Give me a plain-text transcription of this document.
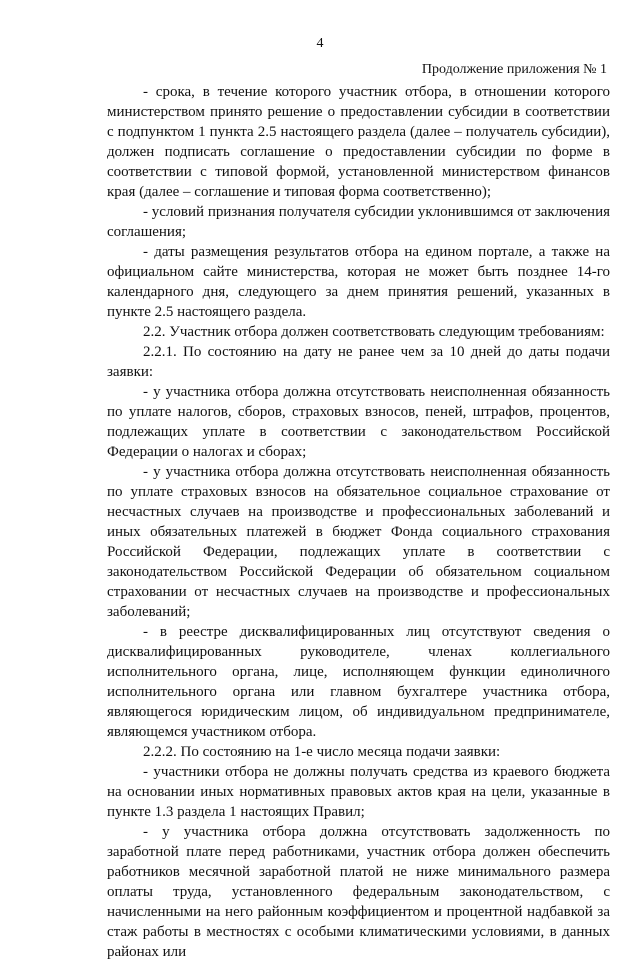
4
Продолжение приложения № 1

- срока, в течение которого участник отбора, в отношении которого министерством принято решение о предоставлении субсидии в соответствии с подпунктом 1 пункта 2.5 настоящего раздела (далее – получатель субсидии), должен подписать соглашение о предоставлении субсидии по форме в соответствии с типовой формой, установленной министерством финансов края (далее – соглашение и типовая форма соответственно);

- условий признания получателя субсидии уклонившимся от заключения соглашения;

- даты размещения результатов отбора на едином портале, а также на официальном сайте министерства, которая не может быть позднее 14-го календарного дня, следующего за днем принятия решений, указанных в пункте 2.5 настоящего раздела.

2.2. Участник отбора должен соответствовать следующим требованиям:

2.2.1. По состоянию на дату не ранее чем за 10 дней до даты подачи заявки:

- у участника отбора должна отсутствовать неисполненная обязанность по уплате налогов, сборов, страховых взносов, пеней, штрафов, процентов, подлежащих уплате в соответствии с законодательством Российской Федерации о налогах и сборах;

- у участника отбора должна отсутствовать неисполненная обязанность по уплате страховых взносов на обязательное социальное страхование от несчастных случаев на производстве и профессиональных заболеваний и иных обязательных платежей в бюджет Фонда социального страхования Российской Федерации, подлежащих уплате в соответствии с законодательством Российской Федерации об обязательном социальном страховании от несчастных случаев на производстве и профессиональных заболеваний;

- в реестре дисквалифицированных лиц отсутствуют сведения о дисквалифицированных руководителе, членах коллегиального исполнительного органа, лице, исполняющем функции единоличного исполнительного органа или главном бухгалтере участника отбора, являющегося юридическим лицом, об индивидуальном предпринимателе, являющемся участником отбора.

2.2.2. По состоянию на 1-е число месяца подачи заявки:

- участники отбора не должны получать средства из краевого бюджета на основании иных нормативных правовых актов края на цели, указанные в пункте 1.3 раздела 1 настоящих Правил;

- у участника отбора должна отсутствовать задолженность по заработной плате перед работниками, участник отбора должен обеспечить работников месячной заработной платой не ниже минимального размера оплаты труда, установленного федеральным законодательством, с начисленными на него районным коэффициентом и процентной надбавкой за стаж работы в местностях с особыми климатическими условиями, в данных районах или
